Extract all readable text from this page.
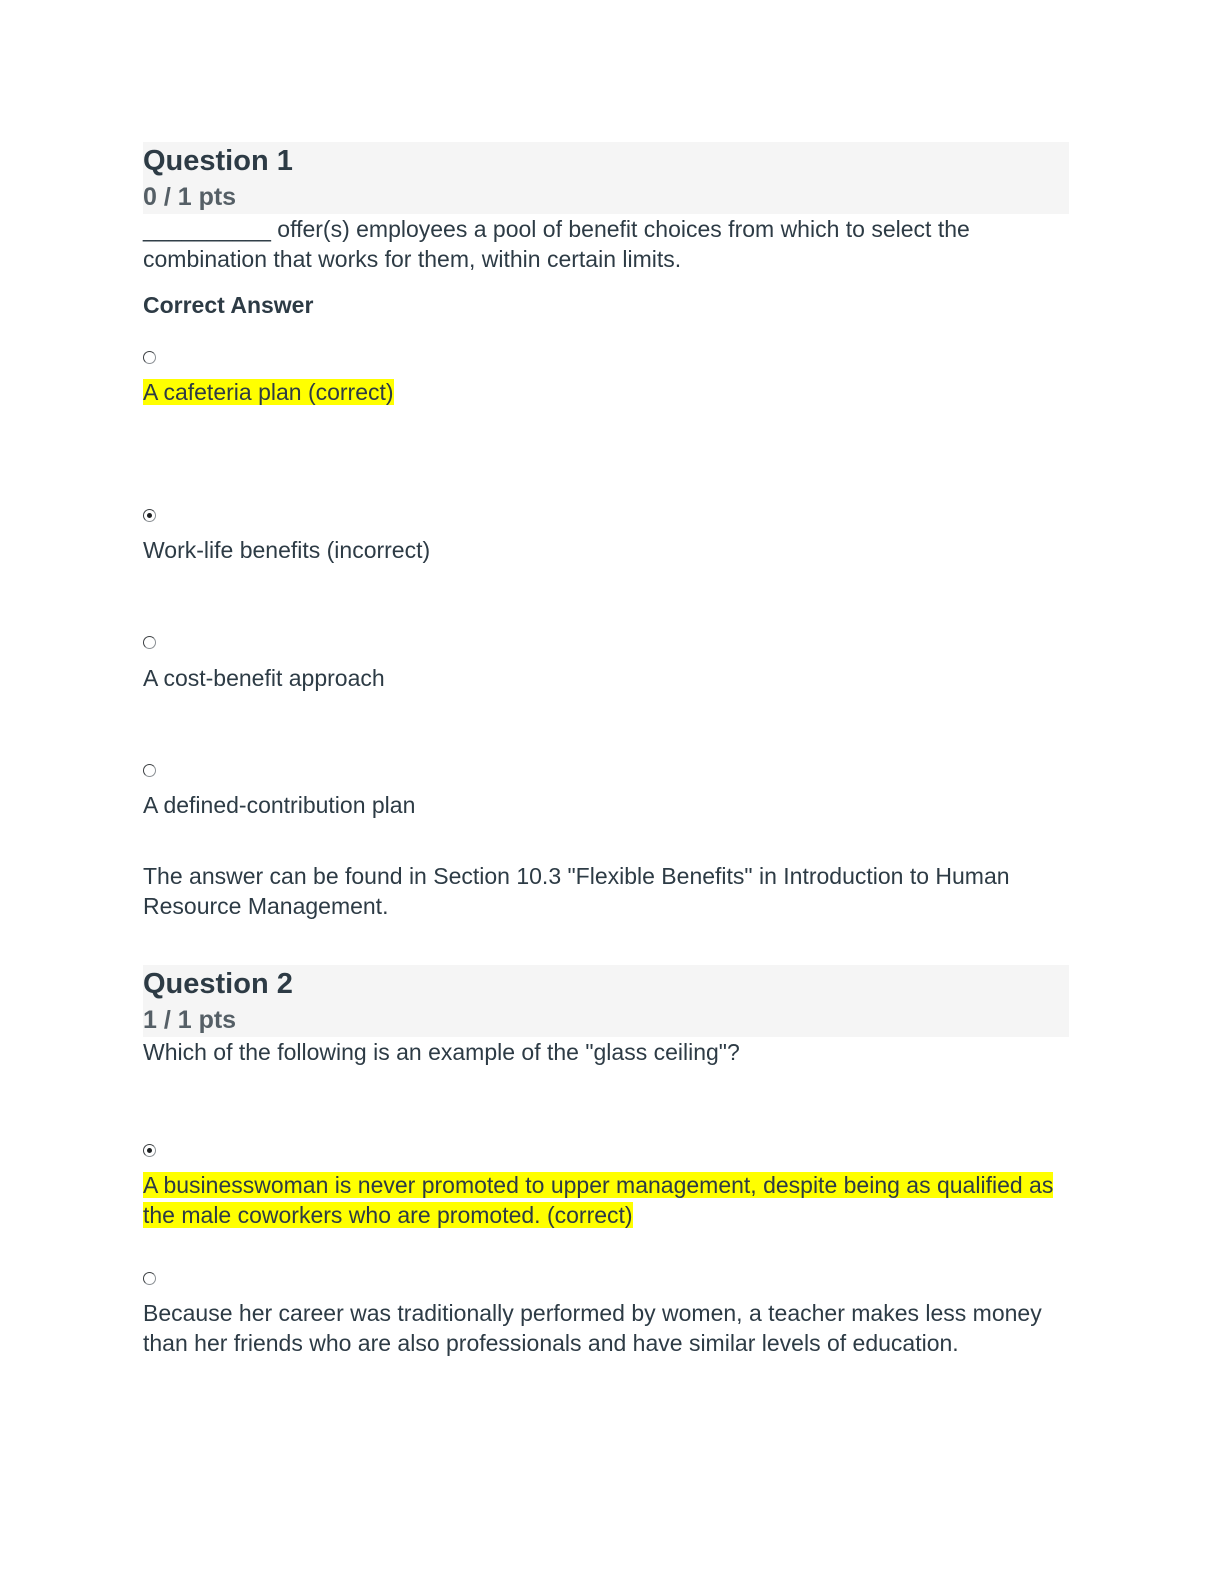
Question 1
0 / 1 pts
__________ offer(s) employees a pool of benefit choices from which to select the combination that works for them, within certain limits.
Correct Answer
A cafeteria plan (correct)
Work-life benefits (incorrect)
A cost-benefit approach
A defined-contribution plan
The answer can be found in Section 10.3 "Flexible Benefits" in Introduction to Human Resource Management.
Question 2
1 / 1 pts
Which of the following is an example of the "glass ceiling"?
A businesswoman is never promoted to upper management, despite being as qualified as the male coworkers who are promoted. (correct)
Because her career was traditionally performed by women, a teacher makes less money than her friends who are also professionals and have similar levels of education.
